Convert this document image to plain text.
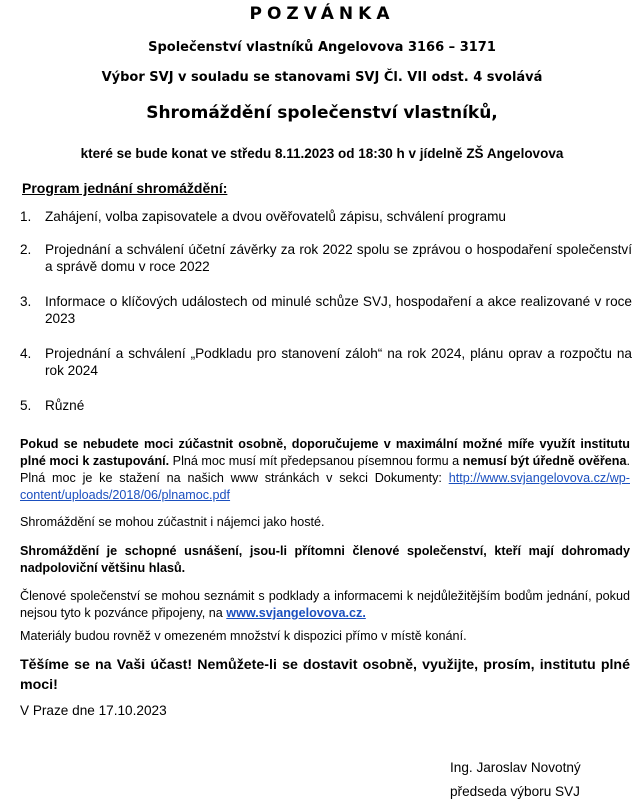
POZVÁNKA
Společenství vlastníků Angelovova 3166 – 3171
Výbor SVJ v souladu se stanovami SVJ Čl. VII odst. 4 svolává
Shromáždění společenství vlastníků,
které se bude konat ve středu 8.11.2023 od 18:30 h v jídelně ZŠ Angelovova
Program jednání shromáždění:
1. Zahájení, volba zapisovatele a dvou ověřovatelů zápisu, schválení programu
2. Projednání a schválení účetní závěrky za rok 2022 spolu se zprávou o hospodaření společenství a správě domu v roce 2022
3. Informace o klíčových událostech od minulé schůze SVJ, hospodaření a akce realizované v roce 2023
4. Projednání a schválení „Podkladu pro stanovení záloh“ na rok 2024, plánu oprav a rozpočtu na rok 2024
5. Různé

Pokud se nebudete moci zúčastnit osobně, doporučujeme v maximální možné míře využít institutu plné moci k zastupování. Plná moc musí mít předepsanou písemnou formu a nemusí být úředně ověřena. Plná moc je ke stažení na našich www stránkách v sekci Dokumenty: http://www.svjangelovova.cz/wp-content/uploads/2018/06/plnamoc.pdf

Shromáždění se mohou zúčastnit i nájemci jako hosté.

Shromáždění je schopné usnášení, jsou-li přítomni členové společenství, kteří mají dohromady nadpoloviční většinu hlasů.

Členové společenství se mohou seznámit s podklady a informacemi k nejdůležitějším bodům jednání, pokud nejsou tyto k pozvánce připojeny, na www.svjangelovova.cz.

Materiály budou rovněž v omezeném množství k dispozici přímo v místě konání.

Těšíme se na Vaši účast! Nemůžete-li se dostavit osobně, využijte, prosím, institutu plné moci!

V Praze dne 17.10.2023

Ing. Jaroslav Novotný
předseda výboru SVJ
